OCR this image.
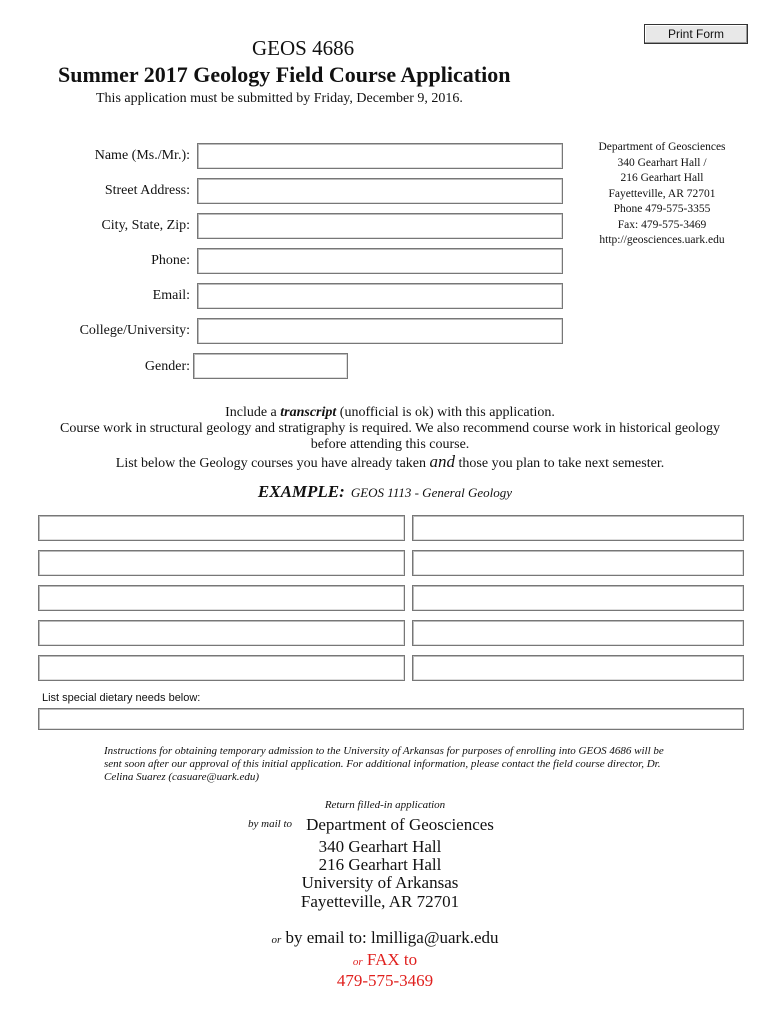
Print Form
GEOS 4686
Summer 2017 Geology Field Course Application
This application must be submitted by Friday, December 9, 2016.
Department of Geosciences
340 Gearhart Hall /
216 Gearhart Hall
Fayetteville, AR 72701
Phone 479-575-3355
Fax: 479-575-3469
http://geosciences.uark.edu
Name (Ms./Mr.):
Street Address:
City, State, Zip:
Phone:
Email:
College/University:
Gender:
Include a transcript (unofficial is ok) with this application.
Course work in structural geology and stratigraphy is required. We also recommend course work in historical geology before attending this course.
List below the Geology courses you have already taken and those you plan to take next semester.
EXAMPLE: GEOS 1113 - General Geology
List special dietary needs below:
Instructions for obtaining temporary admission to the University of Arkansas for purposes of enrolling into GEOS 4686 will be sent soon after our approval of this initial application. For additional information, please contact the field course director, Dr. Celina Suarez (casuare@uark.edu)
Return filled-in application
by mail to Department of Geosciences
340 Gearhart Hall
216 Gearhart Hall
University of Arkansas
Fayetteville, AR 72701
or by email to: lmilliga@uark.edu
or FAX to
479-575-3469
